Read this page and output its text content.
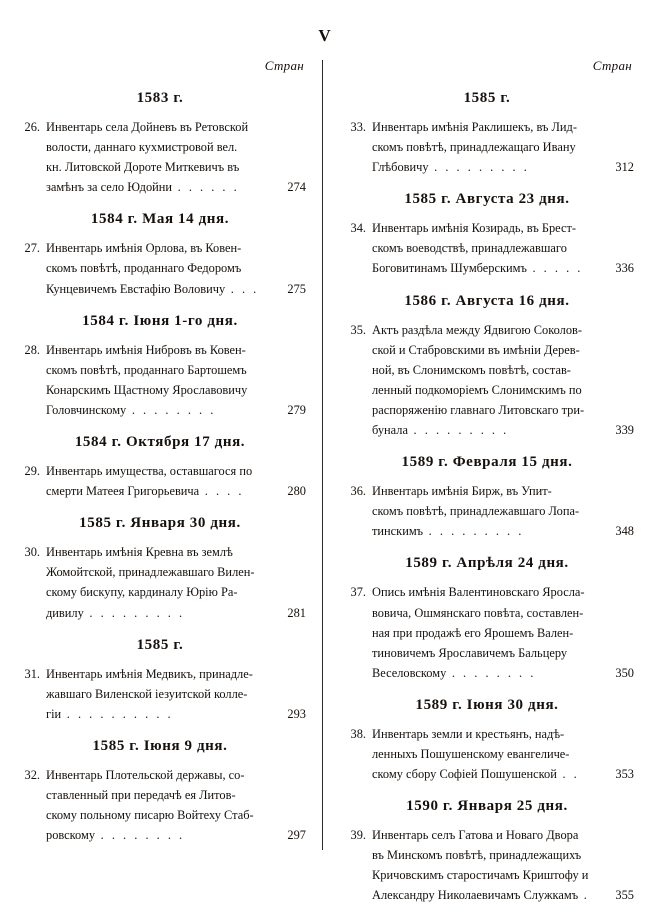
V
Стран
1583 г.
26. Инвентарь села Дойневъ въ Ретовской
волости, даннаго кухмистровой вел.
кн. Литовской Дороте Миткевичъ въ
замѣнъ за село Юдойни . . . . . .	274
1584 г. Мая 14 дня.
27. Инвентарь имѣнія Орлова, въ Ковен-
скомъ повѣтѣ, проданнаго Федоромъ
Кунцевичемъ Евстафію Воловичу . . .	275
1584 г. Іюня 1-го дня.
28. Инвентарь имѣнія Нибровъ въ Ковен-
скомъ повѣтѣ, проданнаго Бартошемъ
Конарскимъ Щастному Ярославовичу
Головчинскому . . . . . . . .	279
1584 г. Октября 17 дня.
29. Инвентарь имущества, оставшагося по
смерти Матеея Григорьевича . . . .	280
1585 г. Января 30 дня.
30. Инвентарь имѣнія Кревна въ землѣ
Жомойтской, принадлежавшаго Вилен-
скому бискупу, кардиналу Юрію Ра-
дивилу . . . . . . . . .	281
1585 г.
31. Инвентарь имѣнія Медвикъ, принадле-
жавшаго Виленской іезуитской колле-
гіи . . . . . . . . . .	293
1585 г. Іюня 9 дня.
32. Инвентарь Плотельской державы, со-
ставленный при передачѣ ея Литов-
скому польному писарю Войтеху Стаб-
ровскому . . . . . . . .	297
Стран
1585 г.
33. Инвентарь имѣнія Раклишекъ, въ Лид-
скомъ повѣтѣ, принадлежащаго Ивану
Глѣбовичу . . . . . . . . .	312
1585 г. Августа 23 дня.
34. Инвентарь имѣнія Козирадь, въ Брест-
скомъ воеводствѣ, принадлежавшаго
Боговитинамъ Шумберскимъ . . . . .	336
1586 г. Августа 16 дня.
35. Актъ раздѣла между Ядвигою Соколов-
ской и Стабровскими въ имѣніи Дерев-
ной, въ Слонимскомъ повѣтѣ, состав-
ленный подкоморіемъ Слонимскимъ по
распоряженію главнаго Литовскаго три-
бунала . . . . . . . . .	339
1589 г. Февраля 15 дня.
36. Инвентарь имѣнія Бирж, въ Упит-
скомъ повѣтѣ, принадлежавшаго Лопа-
тинскимъ . . . . . . . . .	348
1589 г. Апрѣля 24 дня.
37. Опись имѣнія Валентиновскаго Яросла-
вовича, Ошмянскаго повѣта, составлен-
ная при продажѣ его Ярошемъ Вален-
тиновичемъ Ярославичемъ Бальцеру
Веселовскому . . . . . . . .	350
1589 г. Іюня 30 дня.
38. Инвентарь земли и крестьянъ, надѣ-
ленныхъ Пошушенскому евангеличе-
скому сбору Софіей Пошушенской . .	353
1590 г. Января 25 дня.
39. Инвентарь селъ Гатова и Новаго Двора
въ Минскомъ повѣтѣ, принадлежащихъ
Кричовскимъ старостичамъ Криштофу и
Александру Николаевичамъ Служкамъ .	355
